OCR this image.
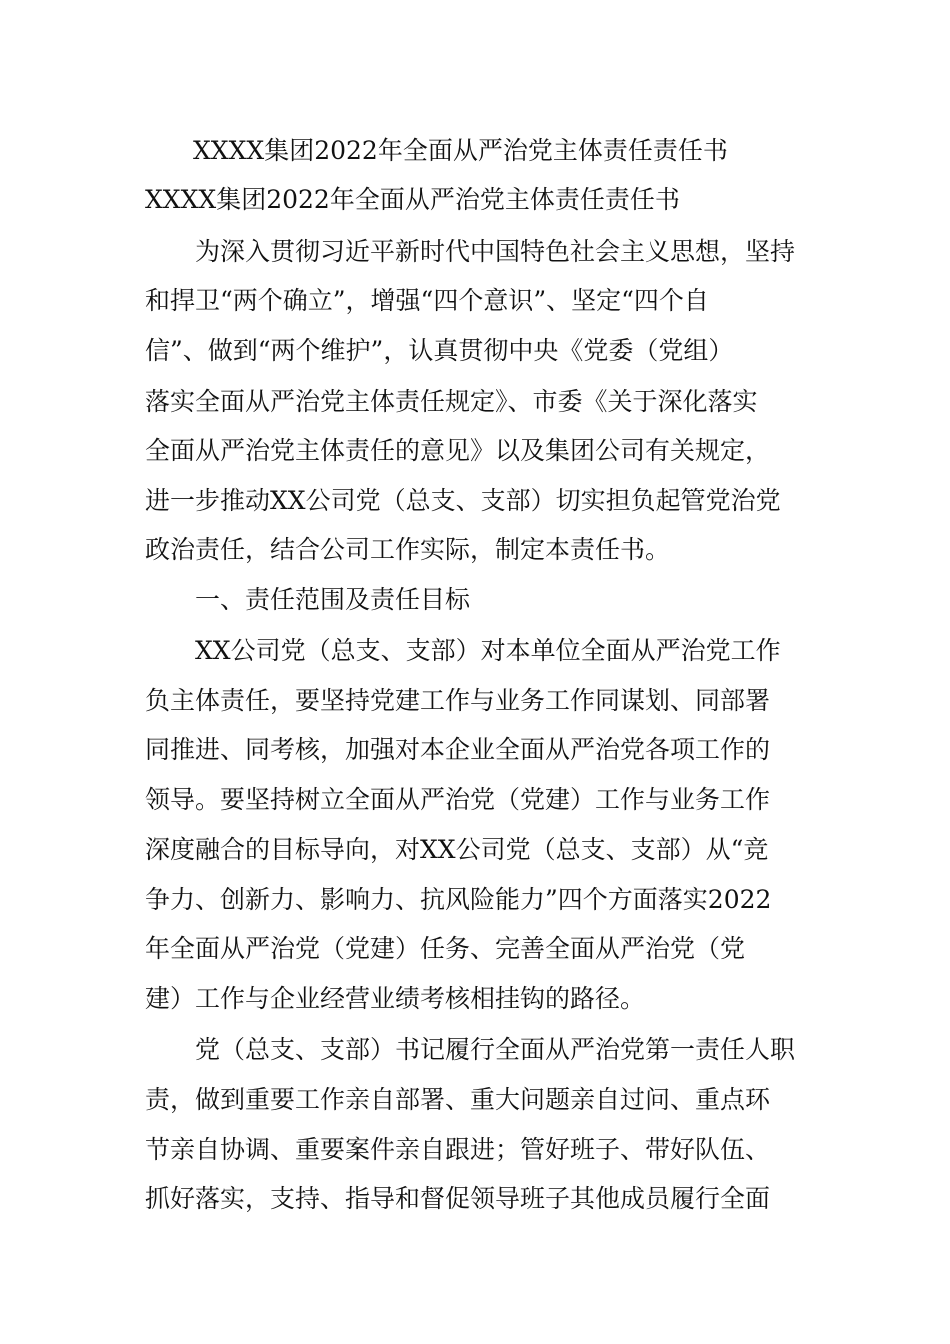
XXXX集团2022年全面从严治党主体责任责任书
XXXX集团2022年全面从严治党主体责任责任书
　　为深入贯彻习近平新时代中国特色社会主义思想，坚持
和捍卫“两个确立”，增强“四个意识”、坚定“四个自
信”、做到“两个维护”，认真贯彻中央《党委（党组）
落实全面从严治党主体责任规定》、市委《关于深化落实
全面从严治党主体责任的意见》以及集团公司有关规定，
进一步推动XX公司党（总支、支部）切实担负起管党治党
政治责任，结合公司工作实际，制定本责任书。
　　一、责任范围及责任目标
　　XX公司党（总支、支部）对本单位全面从严治党工作
负主体责任，要坚持党建工作与业务工作同谋划、同部署
同推进、同考核，加强对本企业全面从严治党各项工作的
领导。要坚持树立全面从严治党（党建）工作与业务工作
深度融合的目标导向，对XX公司党（总支、支部）从“竞
争力、创新力、影响力、抗风险能力”四个方面落实2022
年全面从严治党（党建）任务、完善全面从严治党（党
建）工作与企业经营业绩考核相挂钩的路径。
　　党（总支、支部）书记履行全面从严治党第一责任人职
责，做到重要工作亲自部署、重大问题亲自过问、重点环
节亲自协调、重要案件亲自跟进；管好班子、带好队伍、
抓好落实，支持、指导和督促领导班子其他成员履行全面
